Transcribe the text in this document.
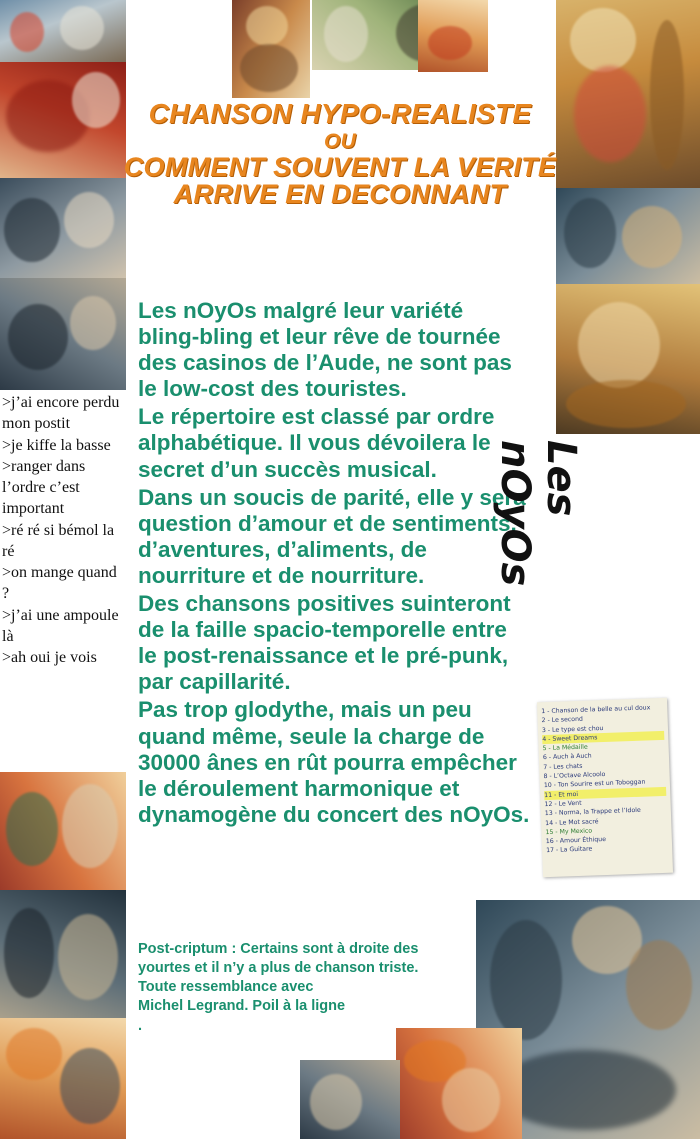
CHANSON HYPO-REALISTE
OU
COMMENT SOUVENT LA VERITÉ ARRIVE EN DECONNANT

Les nOyOs malgré leur variété bling-bling et leur rêve de tournée des casinos de l’Aude, ne sont pas le low-cost des touristes.

Le répertoire est classé par ordre alphabétique. Il vous dévoilera le secret d’un succès musical.

Dans un soucis de parité, elle y sera question d’amour et de sentiments, d’aventures, d’aliments, de nourriture et de nourriture.

Des chansons positives suinteront de la faille spacio-temporelle entre le post-renaissance et le pré-punk, par capillarité.

Pas trop glodythe, mais un peu quand même, seule la charge de 30000 ânes en rût pourra empêcher le déroulement harmonique et dynamogène du concert des nOyOs.

Post-criptum : Certains sont à droite des

yourtes et il n’y a plus de chanson triste.

Toute ressemblance avec

Michel Legrand. Poil à la ligne

.

>j’ai encore perdu mon postit
>je kiffe la basse
>ranger dans l’ordre c’est important
>ré ré si bémol la ré
>on mange quand ?
>j’ai une ampoule là
>ah oui je vois
Les nOyOs
1 - Chanson de la belle au cul doux
2 - Le second
3 - Le type est chou
4 - Sweet Dreams
5 - La Médaille
6 - Auch à Auch
7 - Les chats
8 - L’Octave Alcoolo
10 - Ton Sourire est un Toboggan
11 - Et moi
12 - Le Vent
13 - Norma, la Trappe et l’Idole
14 - Le Mot sacré
15 - My Mexico
16 - Amour Éthique
17 - La Guitare
